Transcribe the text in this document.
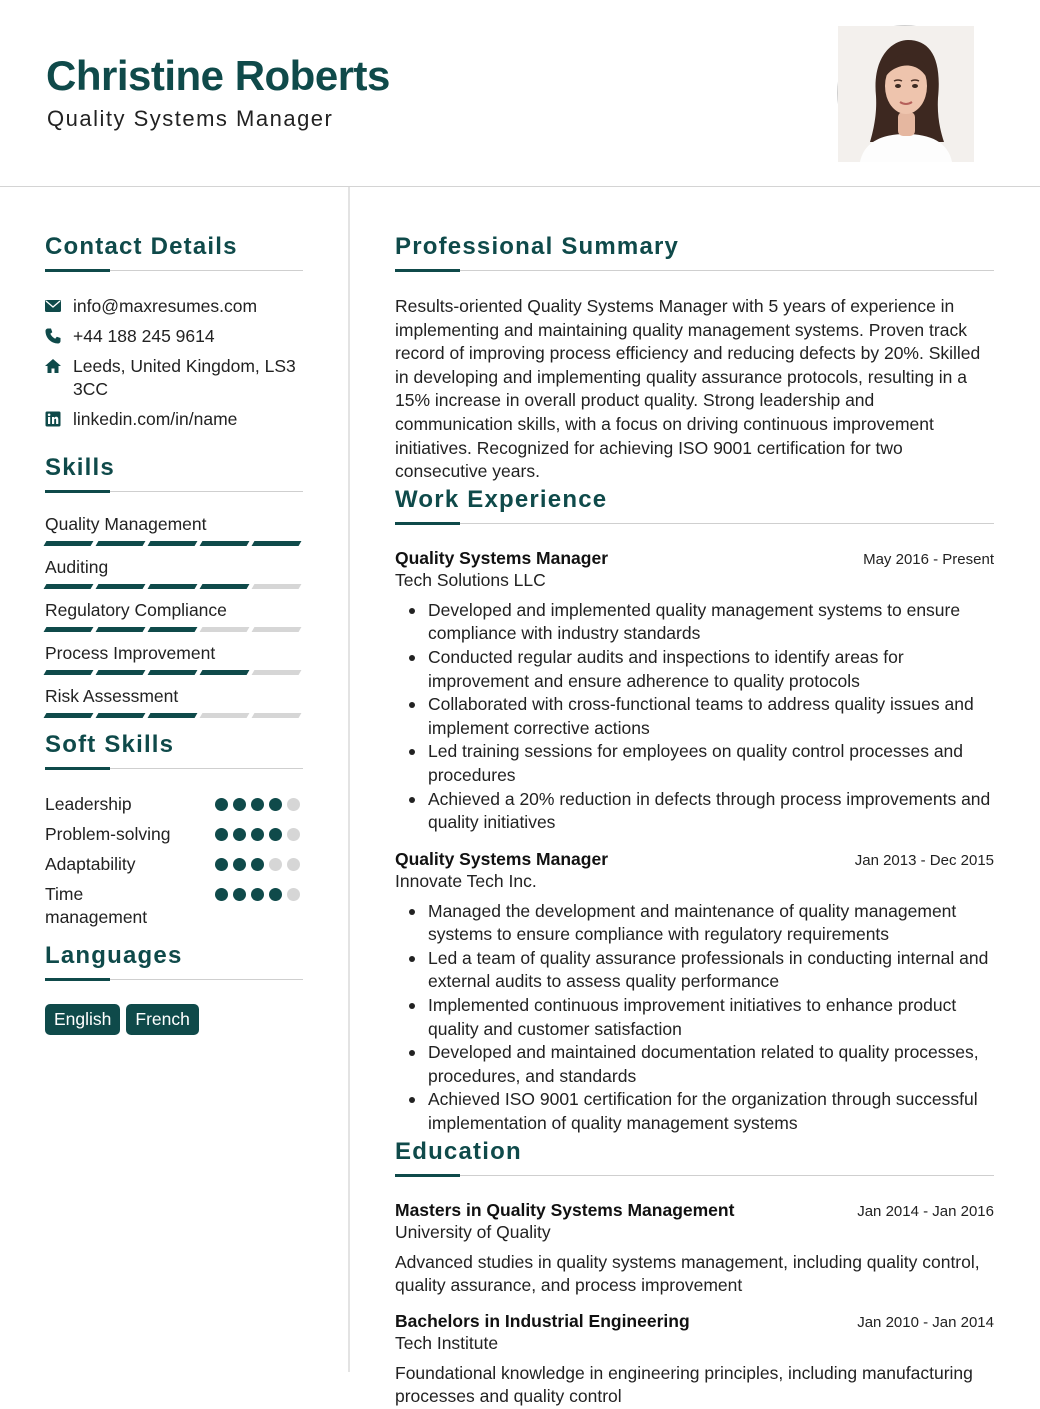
Christine Roberts
Quality Systems Manager
Contact Details
info@maxresumes.com
+44 188 245 9614
Leeds, United Kingdom, LS3 3CC
linkedin.com/in/name
Skills
Quality Management
Auditing
Regulatory Compliance
Process Improvement
Risk Assessment
Soft Skills
Leadership
Problem-solving
Adaptability
Time management
Languages
English	French
Professional Summary
Results-oriented Quality Systems Manager with 5 years of experience in implementing and maintaining quality management systems. Proven track record of improving process efficiency and reducing defects by 20%. Skilled in developing and implementing quality assurance protocols, resulting in a 15% increase in overall product quality. Strong leadership and communication skills, with a focus on driving continuous improvement initiatives. Recognized for achieving ISO 9001 certification for two consecutive years.
Work Experience
Quality Systems Manager	May 2016 - Present
Tech Solutions LLC
Developed and implemented quality management systems to ensure compliance with industry standards
Conducted regular audits and inspections to identify areas for improvement and ensure adherence to quality protocols
Collaborated with cross-functional teams to address quality issues and implement corrective actions
Led training sessions for employees on quality control processes and procedures
Achieved a 20% reduction in defects through process improvements and quality initiatives
Quality Systems Manager	Jan 2013 - Dec 2015
Innovate Tech Inc.
Managed the development and maintenance of quality management systems to ensure compliance with regulatory requirements
Led a team of quality assurance professionals in conducting internal and external audits to assess quality performance
Implemented continuous improvement initiatives to enhance product quality and customer satisfaction
Developed and maintained documentation related to quality processes, procedures, and standards
Achieved ISO 9001 certification for the organization through successful implementation of quality management systems
Education
Masters in Quality Systems Management	Jan 2014 - Jan 2016
University of Quality
Advanced studies in quality systems management, including quality control, quality assurance, and process improvement
Bachelors in Industrial Engineering	Jan 2010 - Jan 2014
Tech Institute
Foundational knowledge in engineering principles, including manufacturing processes and quality control
